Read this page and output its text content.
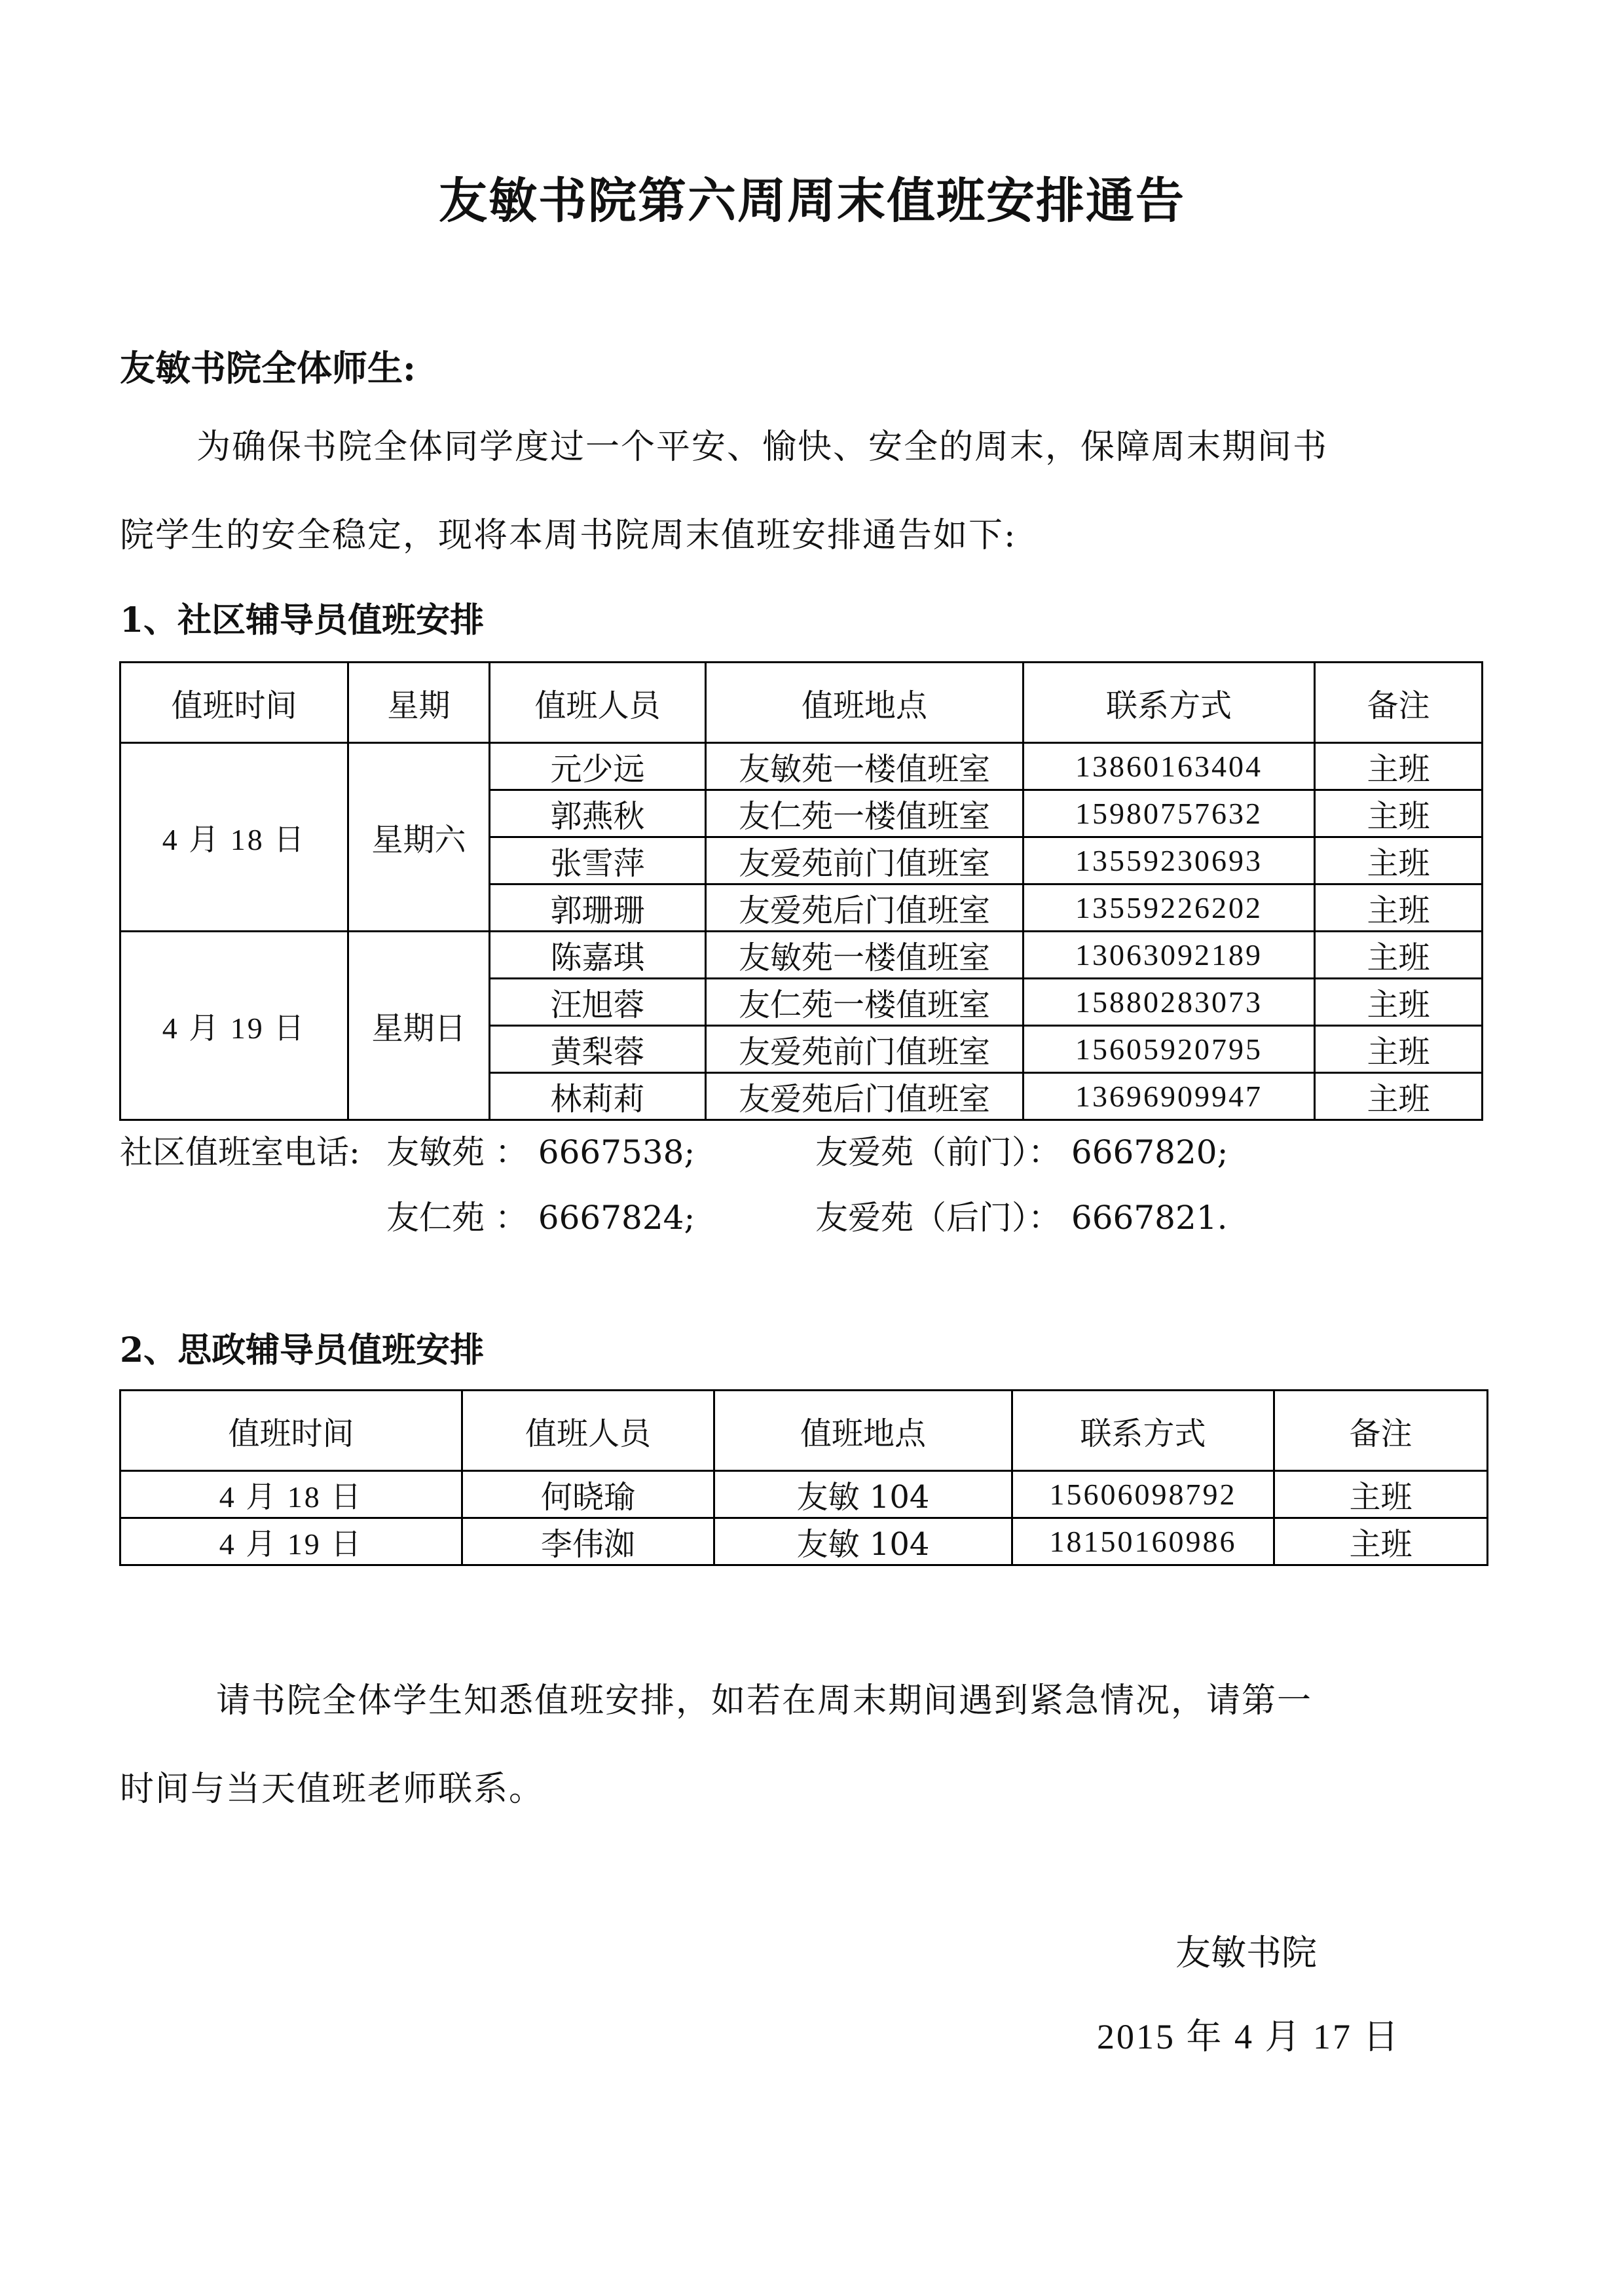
友敏书院第六周周末值班安排通告
友敏书院全体师生:
为确保书院全体同学度过一个平安、愉快、安全的周末，保障周末期间书
院学生的安全稳定，现将本周书院周末值班安排通告如下:
1、社区辅导员值班安排
值班时间	星期	值班人员	值班地点	联系方式	备注
4 月 18 日	星期六	元少远	友敏苑一楼值班室	13860163404	主班
		郭燕秋	友仁苑一楼值班室	15980757632	主班
		张雪萍	友爱苑前门值班室	13559230693	主班
		郭珊珊	友爱苑后门值班室	13559226202	主班
4 月 19 日	星期日	陈嘉琪	友敏苑一楼值班室	13063092189	主班
		汪旭蓉	友仁苑一楼值班室	15880283073	主班
		黄梨蓉	友爱苑前门值班室	15605920795	主班
		林莉莉	友爱苑后门值班室	13696909947	主班
社区值班室电话: 友敏苑 ： 6667538;	友爱苑（前门）： 6667820;
友仁苑 ： 6667824;	友爱苑（后门）： 6667821.
2、思政辅导员值班安排
值班时间	值班人员	值班地点	联系方式	备注
4 月 18 日	何晓瑜	友敏 104	15606098792	主班
4 月 19 日	李伟洳	友敏 104	18150160986	主班
请书院全体学生知悉值班安排，如若在周末期间遇到紧急情况，请第一
时间与当天值班老师联系。
友敏书院
2015 年 4 月 17 日
